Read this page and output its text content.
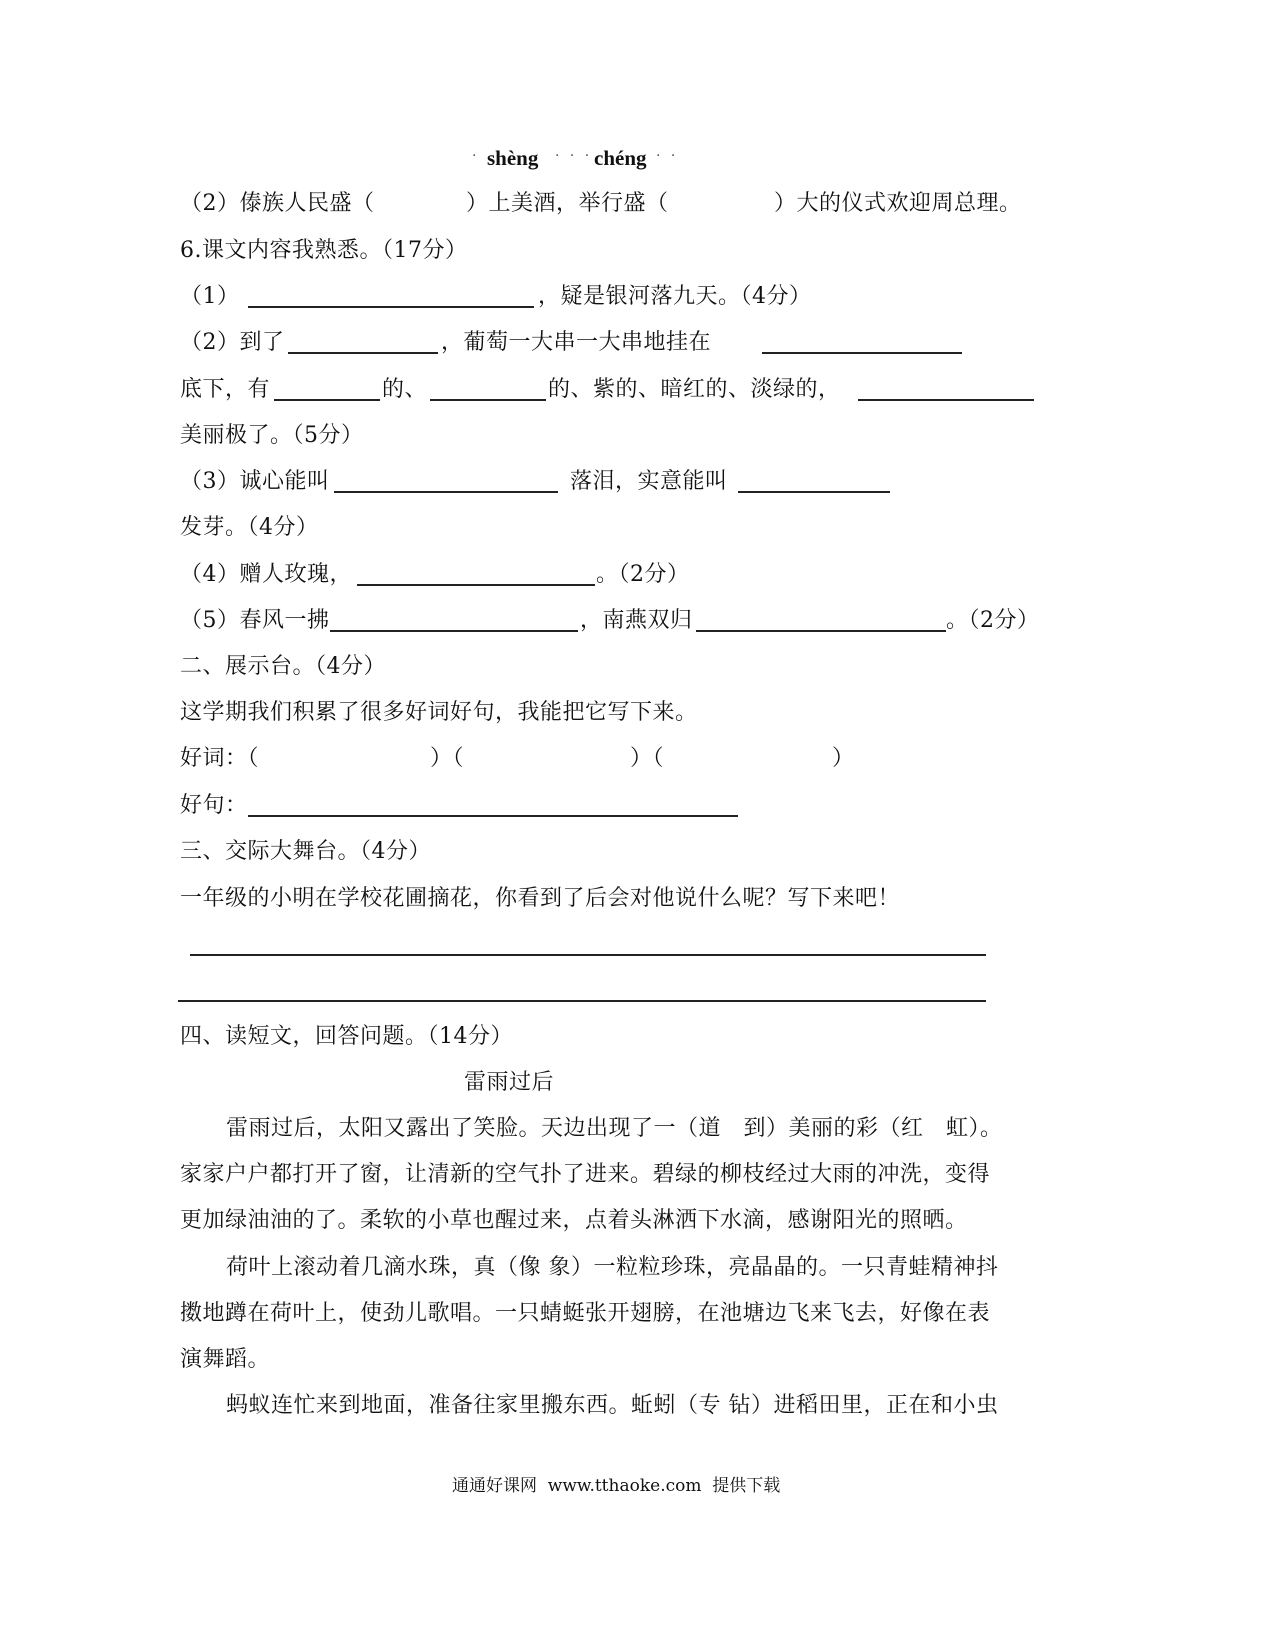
· shèng · · · chéng · ·
（2）傣族人民盛（	）上美酒，举行盛（	）大的仪式欢迎周总理。
6.课文内容我熟悉。（17分）
（1）	，疑是银河落九天。（4分）
（2）到了	，葡萄一大串一大串地挂在
底下，有	的、	的、紫的、暗红的、淡绿的，
美丽极了。（5分）
（3）诚心能叫	落泪，实意能叫
发芽。（4分）
（4）赠人玫瑰，	。（2分）
（5）春风一拂	，南燕双归	。（2分）
二、展示台。（4分）
这学期我们积累了很多好词好句，我能把它写下来。
好词：（	）（	）（	）
好句：
三、交际大舞台。（4分）
一年级的小明在学校花圃摘花，你看到了后会对他说什么呢？写下来吧！
四、读短文，回答问题。（14分）
雷雨过后
雷雨过后，太阳又露出了笑脸。天边出现了一（道　到）美丽的彩（红　虹）。
家家户户都打开了窗，让清新的空气扑了进来。碧绿的柳枝经过大雨的冲洗，变得
更加绿油油的了。柔软的小草也醒过来，点着头淋洒下水滴，感谢阳光的照晒。
荷叶上滚动着几滴水珠，真（像 象）一粒粒珍珠，亮晶晶的。一只青蛙精神抖
擞地蹲在荷叶上，使劲儿歌唱。一只蜻蜓张开翅膀，在池塘边飞来飞去，好像在表
演舞蹈。
蚂蚁连忙来到地面，准备往家里搬东西。蚯蚓（专 钻）进稻田里，正在和小虫
通通好课网  www.tthaoke.com  提供下载
